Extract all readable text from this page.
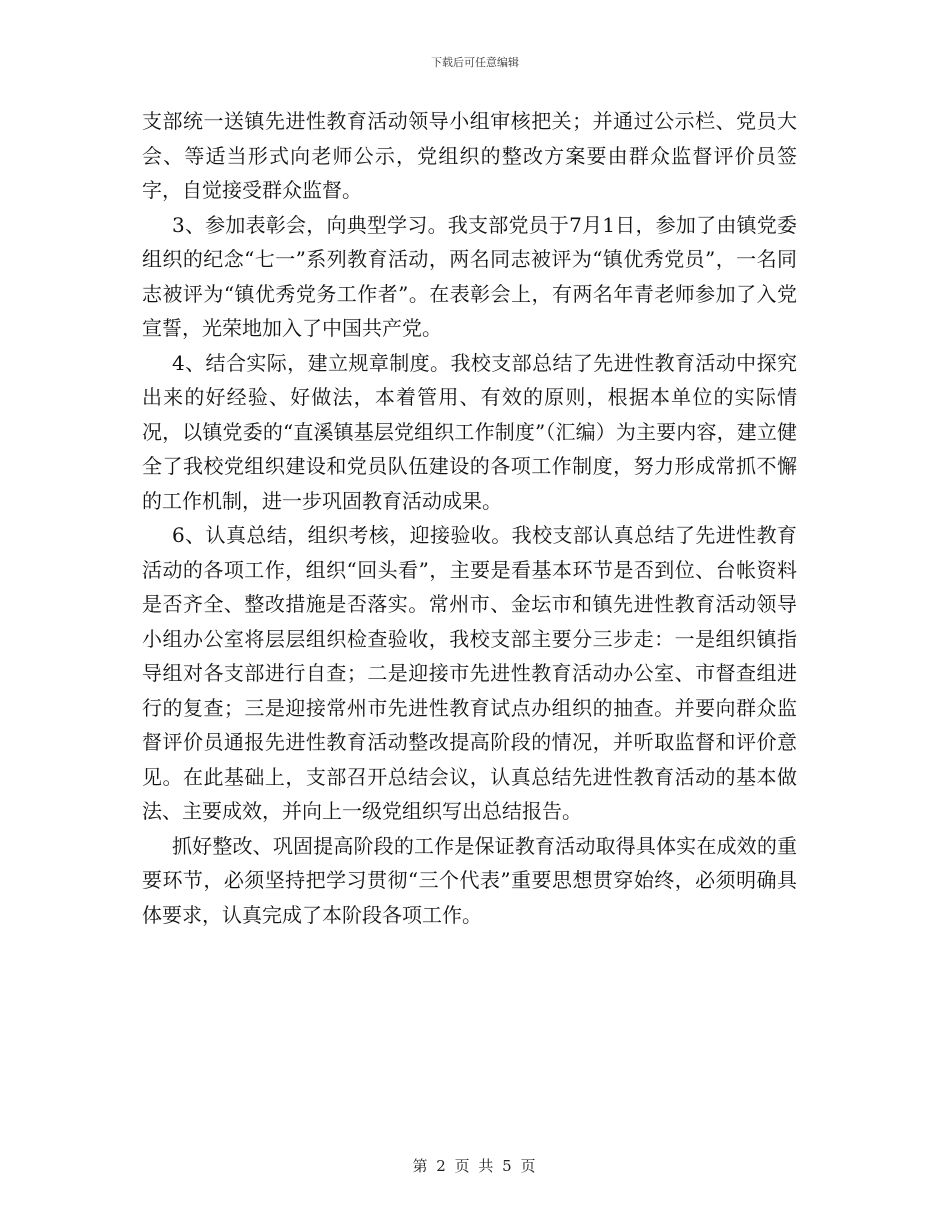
下载后可任意编辑

支部统一送镇先进性教育活动领导小组审核把关；并通过公示栏、党员大会、等适当形式向老师公示，党组织的整改方案要由群众监督评价员签字，自觉接受群众监督。

3、参加表彰会，向典型学习。我支部党员于7月1日，参加了由镇党委组织的纪念“七一”系列教育活动，两名同志被评为“镇优秀党员”，一名同志被评为“镇优秀党务工作者”。在表彰会上，有两名年青老师参加了入党宣誓，光荣地加入了中国共产党。

4、结合实际，建立规章制度。我校支部总结了先进性教育活动中探究出来的好经验、好做法，本着管用、有效的原则，根据本单位的实际情况，以镇党委的“直溪镇基层党组织工作制度”（汇编）为主要内容，建立健全了我校党组织建设和党员队伍建设的各项工作制度，努力形成常抓不懈的工作机制，进一步巩固教育活动成果。

6、认真总结，组织考核，迎接验收。我校支部认真总结了先进性教育活动的各项工作，组织“回头看”，主要是看基本环节是否到位、台帐资料是否齐全、整改措施是否落实。常州市、金坛市和镇先进性教育活动领导小组办公室将层层组织检查验收，我校支部主要分三步走：一是组织镇指导组对各支部进行自查；二是迎接市先进性教育活动办公室、市督查组进行的复查；三是迎接常州市先进性教育试点办组织的抽查。并要向群众监督评价员通报先进性教育活动整改提高阶段的情况，并听取监督和评价意见。在此基础上，支部召开总结会议，认真总结先进性教育活动的基本做法、主要成效，并向上一级党组织写出总结报告。

抓好整改、巩固提高阶段的工作是保证教育活动取得具体实在成效的重要环节，必须坚持把学习贯彻“三个代表”重要思想贯穿始终，必须明确具体要求，认真完成了本阶段各项工作。

第 2 页 共 5 页
